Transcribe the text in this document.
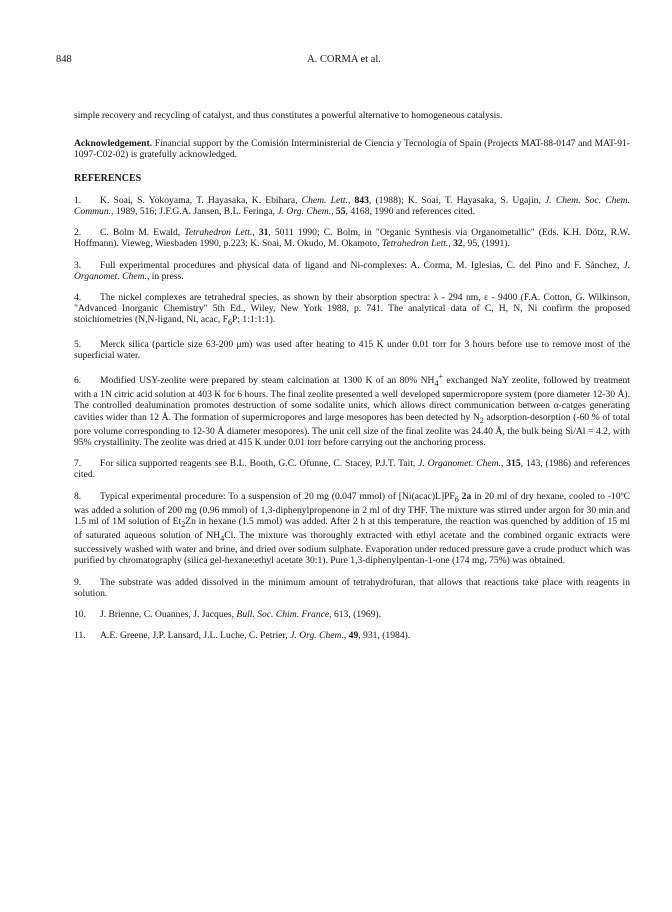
848	A. CORMA et al.

simple recovery and recycling of catalyst, and thus constitutes a powerful alternative to homogeneous catalysis.

Acknowledgement. Financial support by the Comisión Interministerial de Ciencia y Tecnología of Spain (Projects MAT-88-0147 and MAT-91-1097-C02-02) is gratefully acknowledged.

REFERENCES

1. K. Soai, S. Yokoyama, T. Hayasaka, K. Ebihara, Chem. Lett., 843, (1988); K. Soai, T. Hayasaka, S. Ugajin, J. Chem. Soc. Chem. Commun., 1989, 516; J.F.G.A. Jansen, B.L. Feringa, J. Org. Chem., 55, 4168, 1990 and references cited.

2. C. Bolm M. Ewald, Tetrahedron Lett., 31, 5011 1990; C. Bolm, in "Organic Synthesis via Organometallic" (Eds. K.H. Dötz, R.W. Hoffmann). Vieweg, Wiesbaden 1990, p.223; K. Soai, M. Okudo, M. Okamoto, Tetrahedron Lett., 32, 95, (1991).

3. Full experimental procedures and physical data of ligand and Ni-complexes: A. Corma, M. Iglesias, C. del Pino and F. Sánchez, J. Organomet. Chem., in press.

4. The nickel complexes are tetrahedral species, as shown by their absorption spectra: λ - 294 nm, ε - 9400 (F.A. Cotton, G. Wilkinson, "Advanced Inorganic Chemistry" 5th Ed., Wiley, New York 1988, p. 741. The analytical data of C, H, N, Ni confirm the proposed stoichiometries (N,N-ligand, Ni, acac, $F_6P$; 1:1:1:1).

5. Merck silica (particle size 63-200 μm) was used after heating to 415 K under 0.01 torr for 3 hours before use to remove most of the superficial water.

6. Modified USY-zeolite were prepared by steam calcination at 1300 K of an 80% $NH_4^+$ exchanged NaY zeolite, followed by treatment with a 1N citric acid solution at 403 K for 6 hours. The final zeolite presented a well developed supermicropore system (pore diameter 12-30 Å). The controlled dealumination promotes destruction of some sodalite units, which allows direct communication between α-catges generating cavities wider than 12 Å. The formation of supermicropores and large mesopores has been detected by $N_2$ adsorption-desorption (-60 % of total pore volume corresponding to 12-30 Å diameter mesopores). The unit cell size of the final zeolite was 24.40 Å, the bulk being Si/Al = 4.2, with 95% crystallinity. The zeolite was dried at 415 K under 0.01 torr before carrying out the anchoring process.

7. For silica supported reagents see B.L. Booth, G.C. Ofunne, C. Stacey, P.J.T. Tait, J. Organomet. Chem., 315, 143, (1986) and references cited.

8. Typical experimental procedure: To a suspension of 20 mg (0.047 mmol) of $[Ni(acac)L]PF_6$ 2a in 20 ml of dry hexane, cooled to -10ºC was added a solution of 200 mg (0.96 mmol) of 1,3-diphenylpropenone in 2 ml of dry THF. The mixture was stirred under argon for 30 min and 1.5 ml of 1M solution of $Et_2Zn$ in hexane (1.5 mmol) was added. After 2 h at this temperature, the reaction was quenched by addition of 15 ml of saturated aqueous solution of $NH_4Cl$. The mixture was thoroughly extracted with ethyl acetate and the combined organic extracts were successively washed with water and brine, and dried over sodium sulphate. Evaporation under reduced pressure gave a crude product which was purified by chromatography (silica gel-hexane:ethyl acetate 30:1). Pure 1,3-diphenylpentan-1-one (174 mg, 75%) was obtained.

9. The substrate was added dissolved in the minimum amount of tetrahydrofuran, that allows that reactions take place with reagents in solution.

10. J. Brienne, C. Ouannes, J. Jacques, Bull. Soc. Chim. France, 613, (1969).

11. A.E. Greene, J.P. Lansard, J.L. Luche, C. Petrier, J. Org. Chem., 49, 931, (1984).
